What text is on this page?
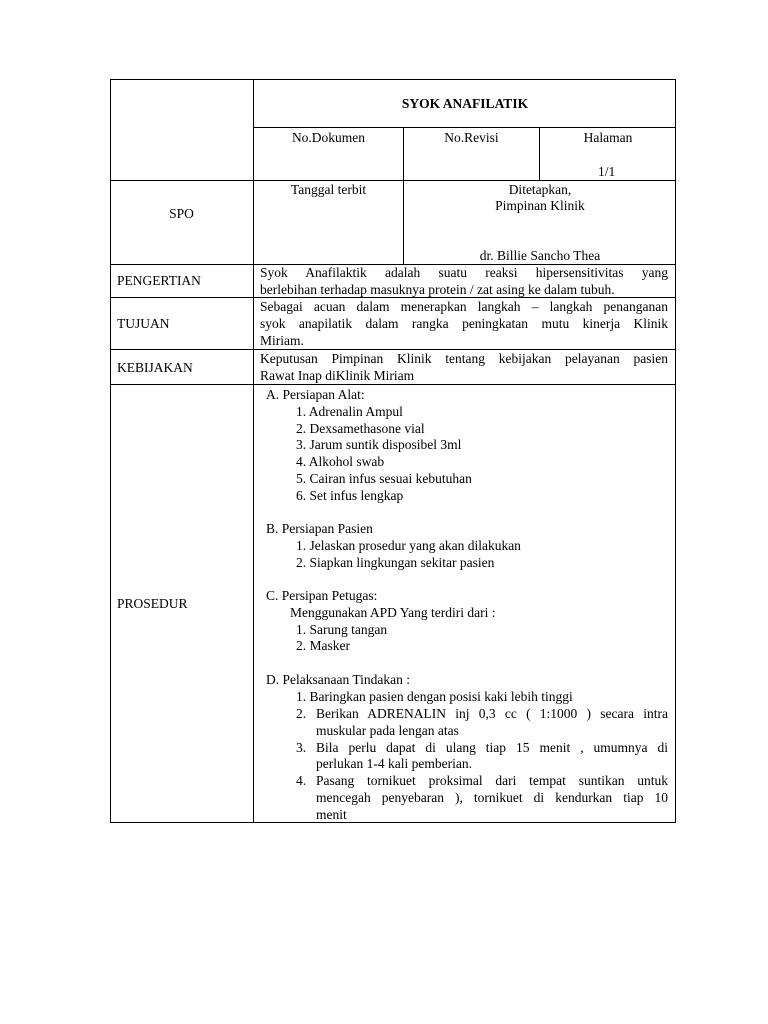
SYOK ANAFILATIK
No.Dokumen	No.Revisi	Halaman
1/1
SPO
Tanggal terbit	Ditetapkan,
Pimpinan Klinik
dr. Billie Sancho Thea
PENGERTIAN
Syok Anafilaktik adalah suatu reaksi hipersensitivitas yang
berlebihan terhadap masuknya protein / zat asing ke dalam tubuh.
TUJUAN
Sebagai acuan dalam menerapkan langkah – langkah penanganan
syok anapilatik dalam rangka peningkatan mutu kinerja Klinik
Miriam.
KEBIJAKAN
Keputusan Pimpinan Klinik tentang kebijakan pelayanan pasien
Rawat Inap diKlinik Miriam
PROSEDUR
A. Persiapan Alat:
1. Adrenalin Ampul
2. Dexsamethasone vial
3. Jarum suntik disposibel 3ml
4. Alkohol swab
5. Cairan infus sesuai kebutuhan
6. Set infus lengkap
B. Persiapan Pasien
1. Jelaskan prosedur yang akan dilakukan
2. Siapkan lingkungan sekitar pasien
C. Persipan Petugas:
Menggunakan APD Yang terdiri dari :
1. Sarung tangan
2. Masker
D. Pelaksanaan Tindakan :
1. Baringkan pasien dengan posisi kaki lebih tinggi
2. Berikan ADRENALIN inj 0,3 cc ( 1:1000 ) secara intra
muskular pada lengan atas
3. Bila perlu dapat di ulang tiap 15 menit , umumnya di
perlukan 1-4 kali pemberian.
4. Pasang tornikuet proksimal dari tempat suntikan untuk
mencegah penyebaran ), tornikuet di kendurkan tiap 10
menit
